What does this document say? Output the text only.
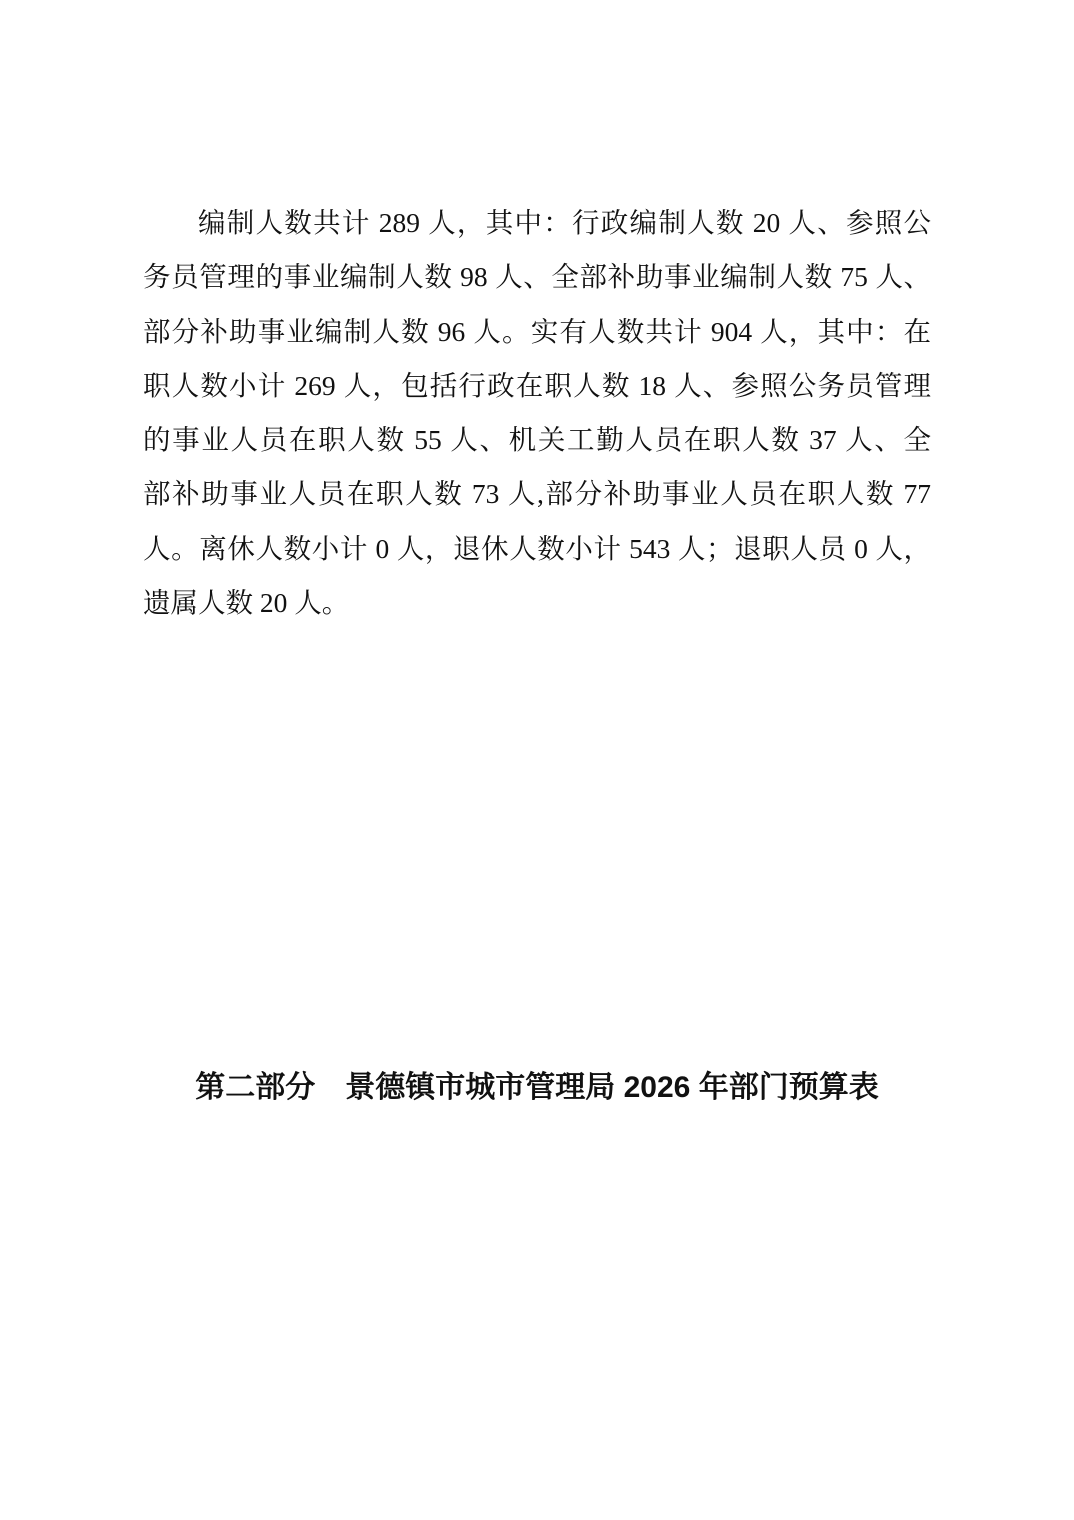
编制人数共计 289 人，其中：行政编制人数 20 人、参照公
务员管理的事业编制人数 98 人、全部补助事业编制人数 75 人、
部分补助事业编制人数 96 人。实有人数共计 904 人，其中：在
职人数小计 269 人，包括行政在职人数 18 人、参照公务员管理
的事业人员在职人数 55 人、机关工勤人员在职人数 37 人、全
部补助事业人员在职人数 73 人,部分补助事业人员在职人数 77
人。离休人数小计 0 人，退休人数小计 543 人；退职人员 0 人，
遗属人数 20 人。
第二部分　景德镇市城市管理局 2026 年部门预算表
